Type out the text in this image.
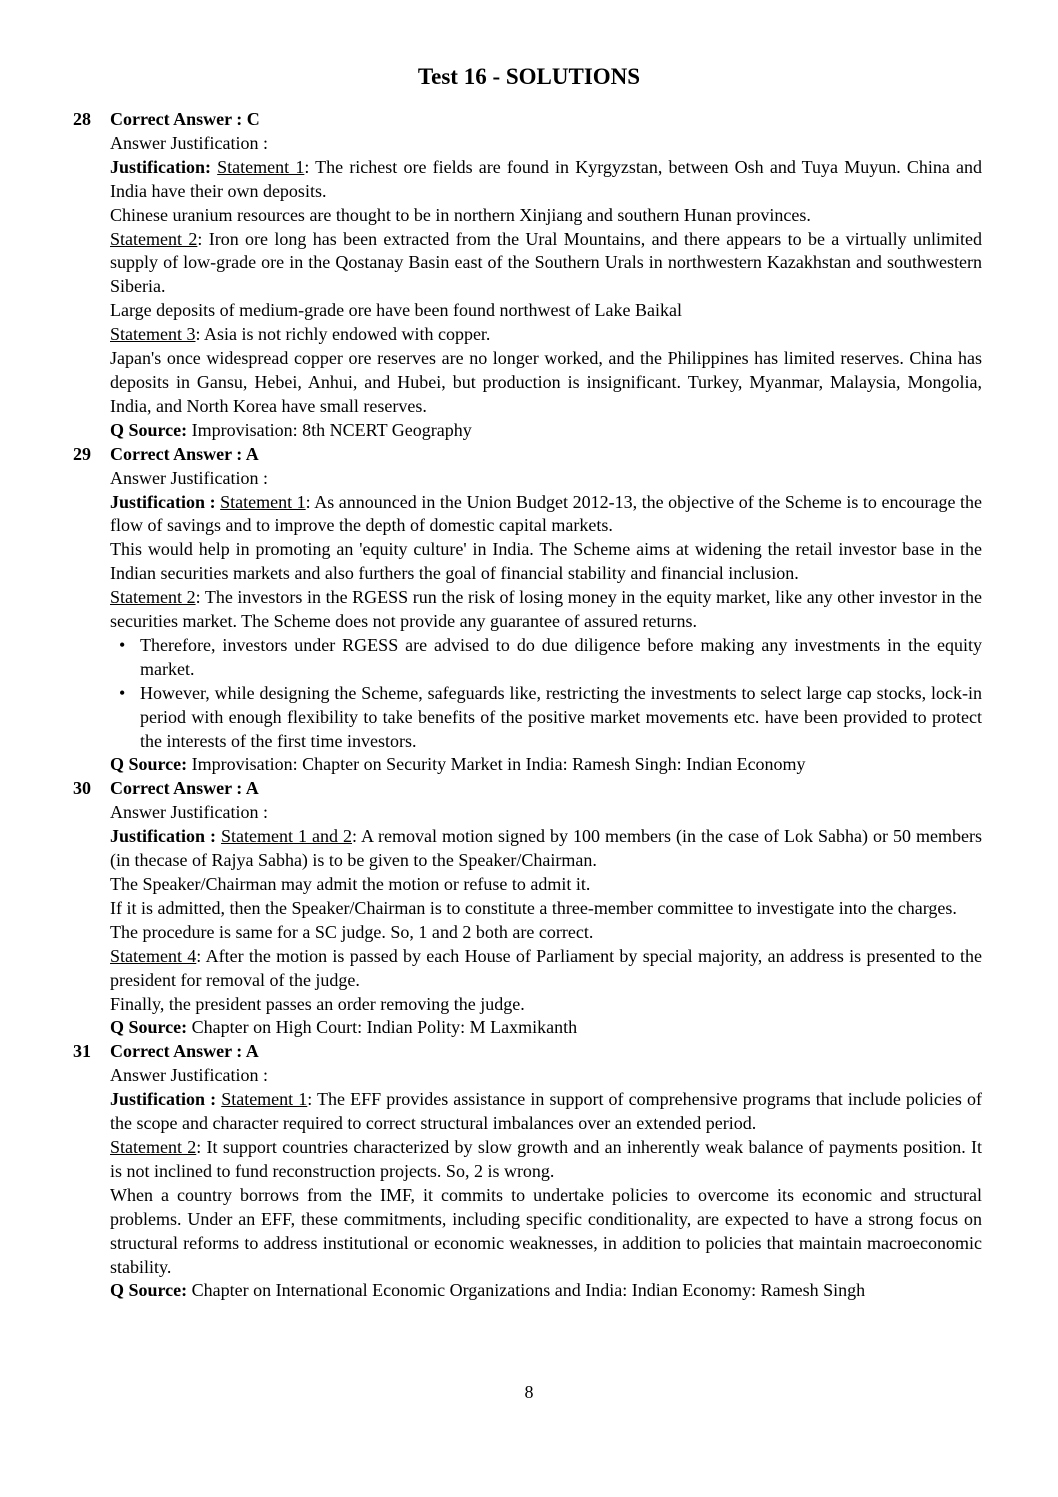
Test 16 - SOLUTIONS
28	Correct Answer : C

Answer Justification :

Justification: Statement 1: The richest ore fields are found in Kyrgyzstan, between Osh and Tuya Muyun. China and India have their own deposits.

Chinese uranium resources are thought to be in northern Xinjiang and southern Hunan provinces.

Statement 2: Iron ore long has been extracted from the Ural Mountains, and there appears to be a virtually unlimited supply of low-grade ore in the Qostanay Basin east of the Southern Urals in northwestern Kazakhstan and southwestern Siberia.

Large deposits of medium-grade ore have been found northwest of Lake Baikal

Statement 3: Asia is not richly endowed with copper.

Japan's once widespread copper ore reserves are no longer worked, and the Philippines has limited reserves. China has deposits in Gansu, Hebei, Anhui, and Hubei, but production is insignificant. Turkey, Myanmar, Malaysia, Mongolia, India, and North Korea have small reserves.

Q Source: Improvisation: 8th NCERT Geography

29	Correct Answer : A

Answer Justification :

Justification : Statement 1: As announced in the Union Budget 2012-13, the objective of the Scheme is to encourage the flow of savings and to improve the depth of domestic capital markets.

This would help in promoting an 'equity culture' in India. The Scheme aims at widening the retail investor base in the Indian securities markets and also furthers the goal of financial stability and financial inclusion.

Statement 2: The investors in the RGESS run the risk of losing money in the equity market, like any other investor in the securities market. The Scheme does not provide any guarantee of assured returns.

• Therefore, investors under RGESS are advised to do due diligence before making any investments in the equity market.
• However, while designing the Scheme, safeguards like, restricting the investments to select large cap stocks, lock-in period with enough flexibility to take benefits of the positive market movements etc. have been provided to protect the interests of the first time investors.

Q Source: Improvisation: Chapter on Security Market in India: Ramesh Singh: Indian Economy

30	Correct Answer : A

Answer Justification :

Justification : Statement 1 and 2: A removal motion signed by 100 members (in the case of Lok Sabha) or 50 members (in thecase of Rajya Sabha) is to be given to the Speaker/Chairman.

The Speaker/Chairman may admit the motion or refuse to admit it.

If it is admitted, then the Speaker/Chairman is to constitute a three-member committee to investigate into the charges.

The procedure is same for a SC judge. So, 1 and 2 both are correct.

Statement 4: After the motion is passed by each House of Parliament by special majority, an address is presented to the president for removal of the judge.

Finally, the president passes an order removing the judge.

Q Source: Chapter on High Court: Indian Polity: M Laxmikanth

31	Correct Answer : A

Answer Justification :

Justification : Statement 1: The EFF provides assistance in support of comprehensive programs that include policies of the scope and character required to correct structural imbalances over an extended period.

Statement 2: It support countries characterized by slow growth and an inherently weak balance of payments position. It is not inclined to fund reconstruction projects. So, 2 is wrong.

When a country borrows from the IMF, it commits to undertake policies to overcome its economic and structural problems. Under an EFF, these commitments, including specific conditionality, are expected to have a strong focus on structural reforms to address institutional or economic weaknesses, in addition to policies that maintain macroeconomic stability.

Q Source: Chapter on International Economic Organizations and India: Indian Economy: Ramesh Singh

8
